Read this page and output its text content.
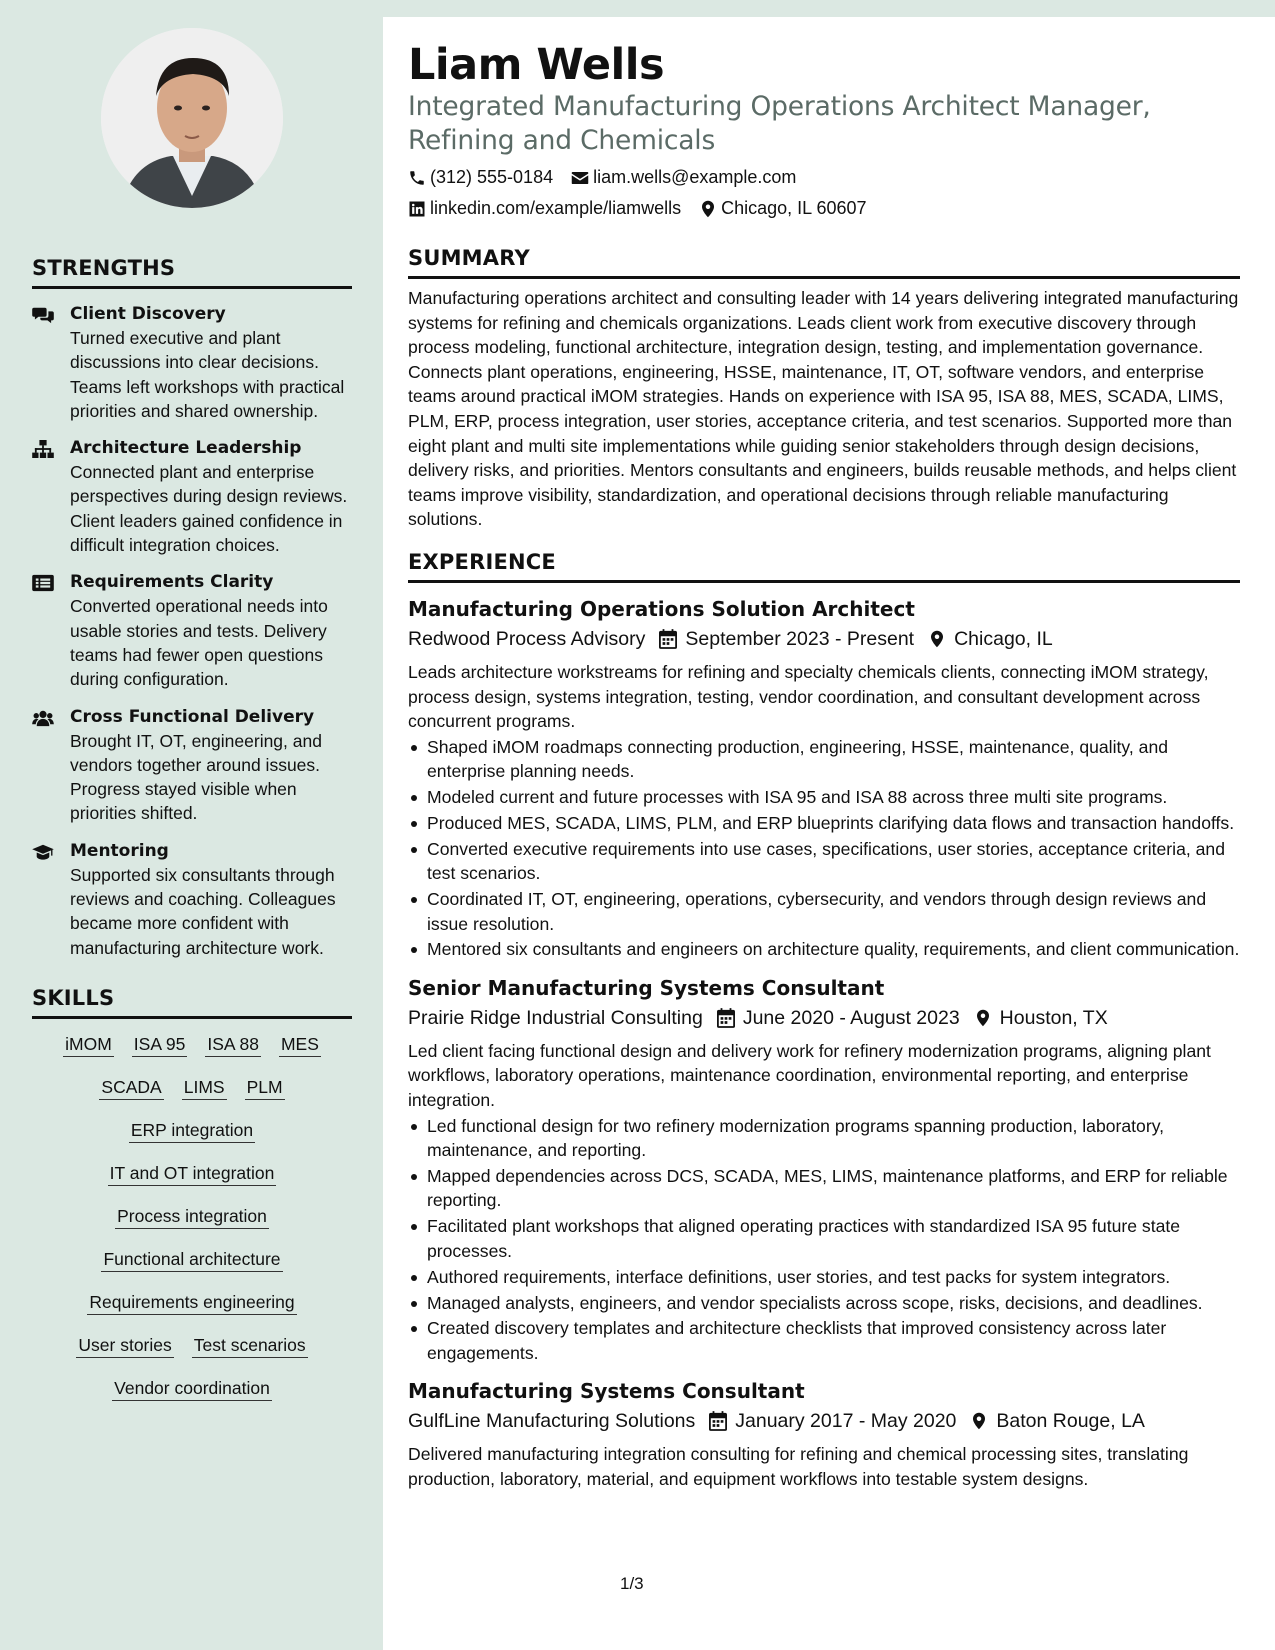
STRENGTHS
Client Discovery
Turned executive and plant discussions into clear decisions. Teams left workshops with practical priorities and shared ownership.
Architecture Leadership
Connected plant and enterprise perspectives during design reviews. Client leaders gained confidence in difficult integration choices.
Requirements Clarity
Converted operational needs into usable stories and tests. Delivery teams had fewer open questions during configuration.
Cross Functional Delivery
Brought IT, OT, engineering, and vendors together around issues. Progress stayed visible when priorities shifted.
Mentoring
Supported six consultants through reviews and coaching. Colleagues became more confident with manufacturing architecture work.
SKILLS
iMOM ISA 95 ISA 88 MES
SCADA LIMS PLM
ERP integration
IT and OT integration
Process integration
Functional architecture
Requirements engineering
User stories Test scenarios
Vendor coordination
Liam Wells
Integrated Manufacturing Operations Architect Manager, Refining and Chemicals
(312) 555-0184 liam.wells@example.com
linkedin.com/example/liamwells Chicago, IL 60607
SUMMARY
Manufacturing operations architect and consulting leader with 14 years delivering integrated manufacturing systems for refining and chemicals organizations. Leads client work from executive discovery through process modeling, functional architecture, integration design, testing, and implementation governance. Connects plant operations, engineering, HSSE, maintenance, IT, OT, software vendors, and enterprise teams around practical iMOM strategies. Hands on experience with ISA 95, ISA 88, MES, SCADA, LIMS, PLM, ERP, process integration, user stories, acceptance criteria, and test scenarios. Supported more than eight plant and multi site implementations while guiding senior stakeholders through design decisions, delivery risks, and priorities. Mentors consultants and engineers, builds reusable methods, and helps client teams improve visibility, standardization, and operational decisions through reliable manufacturing solutions.
EXPERIENCE
Manufacturing Operations Solution Architect
Redwood Process Advisory September 2023 - Present Chicago, IL
Leads architecture workstreams for refining and specialty chemicals clients, connecting iMOM strategy, process design, systems integration, testing, vendor coordination, and consultant development across concurrent programs.
Shaped iMOM roadmaps connecting production, engineering, HSSE, maintenance, quality, and enterprise planning needs.
Modeled current and future processes with ISA 95 and ISA 88 across three multi site programs.
Produced MES, SCADA, LIMS, PLM, and ERP blueprints clarifying data flows and transaction handoffs.
Converted executive requirements into use cases, specifications, user stories, acceptance criteria, and test scenarios.
Coordinated IT, OT, engineering, operations, cybersecurity, and vendors through design reviews and issue resolution.
Mentored six consultants and engineers on architecture quality, requirements, and client communication.
Senior Manufacturing Systems Consultant
Prairie Ridge Industrial Consulting June 2020 - August 2023 Houston, TX
Led client facing functional design and delivery work for refinery modernization programs, aligning plant workflows, laboratory operations, maintenance coordination, environmental reporting, and enterprise integration.
Led functional design for two refinery modernization programs spanning production, laboratory, maintenance, and reporting.
Mapped dependencies across DCS, SCADA, MES, LIMS, maintenance platforms, and ERP for reliable reporting.
Facilitated plant workshops that aligned operating practices with standardized ISA 95 future state processes.
Authored requirements, interface definitions, user stories, and test packs for system integrators.
Managed analysts, engineers, and vendor specialists across scope, risks, decisions, and deadlines.
Created discovery templates and architecture checklists that improved consistency across later engagements.
Manufacturing Systems Consultant
GulfLine Manufacturing Solutions January 2017 - May 2020 Baton Rouge, LA
Delivered manufacturing integration consulting for refining and chemical processing sites, translating production, laboratory, material, and equipment workflows into testable system designs.
1/3
